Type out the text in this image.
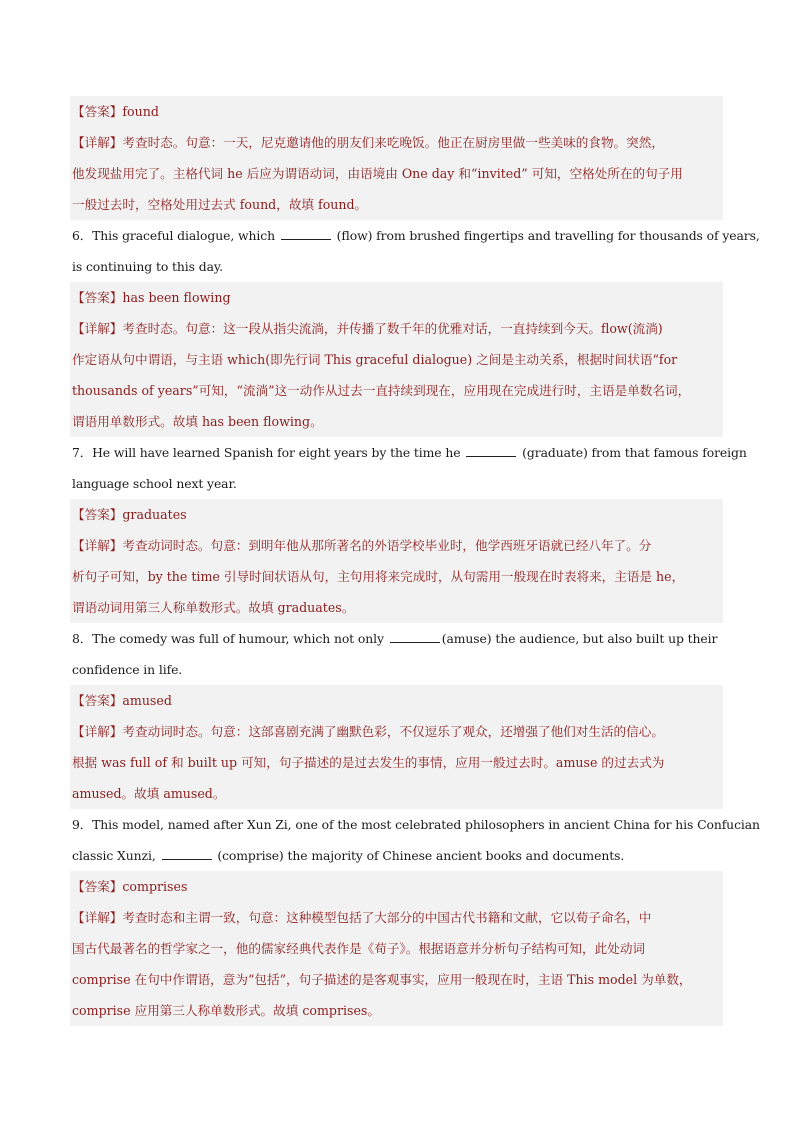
【答案】found
【详解】考查时态。句意：一天，尼克邀请他的朋友们来吃晚饭。他正在厨房里做一些美味的食物。突然，
他发现盐用完了。主格代词 he 后应为谓语动词，由语境由 One day 和“invited” 可知，空格处所在的句子用
一般过去时，空格处用过去式 found，故填 found。
6．This graceful dialogue, which	(flow) from brushed fingertips and travelling for thousands of years,
is continuing to this day.
【答案】has been flowing
【详解】考查时态。句意：这一段从指尖流淌，并传播了数千年的优雅对话，一直持续到今天。flow(流淌)
作定语从句中谓语，与主语 which(即先行词 This graceful dialogue) 之间是主动关系，根据时间状语“for
thousands of years”可知，“流淌”这一动作从过去一直持续到现在，应用现在完成进行时，主语是单数名词，
谓语用单数形式。故填 has been flowing。
7．He will have learned Spanish for eight years by the time he	(graduate) from that famous foreign
language school next year.
【答案】graduates
【详解】考查动词时态。句意：到明年他从那所著名的外语学校毕业时，他学西班牙语就已经八年了。分
析句子可知，by the time 引导时间状语从句，主句用将来完成时，从句需用一般现在时表将来，主语是 he，
谓语动词用第三人称单数形式。故填 graduates。
8．The comedy was full of humour, which not only	(amuse) the audience, but also built up their
confidence in life.
【答案】amused
【详解】考查动词时态。句意：这部喜剧充满了幽默色彩，不仅逗乐了观众，还增强了他们对生活的信心。
根据 was full of 和 built up 可知，句子描述的是过去发生的事情，应用一般过去时。amuse 的过去式为
amused。故填 amused。
9．This model, named after Xun Zi, one of the most celebrated philosophers in ancient China for his Confucian
classic Xunzi,	(comprise) the majority of Chinese ancient books and documents.
【答案】comprises
【详解】考查时态和主谓一致，句意：这种模型包括了大部分的中国古代书籍和文献，它以荀子命名，中
国古代最著名的哲学家之一，他的儒家经典代表作是《荀子》。根据语意并分析句子结构可知，此处动词
comprise 在句中作谓语，意为“包括”，句子描述的是客观事实，应用一般现在时，主语 This model 为单数，
comprise 应用第三人称单数形式。故填 comprises。
